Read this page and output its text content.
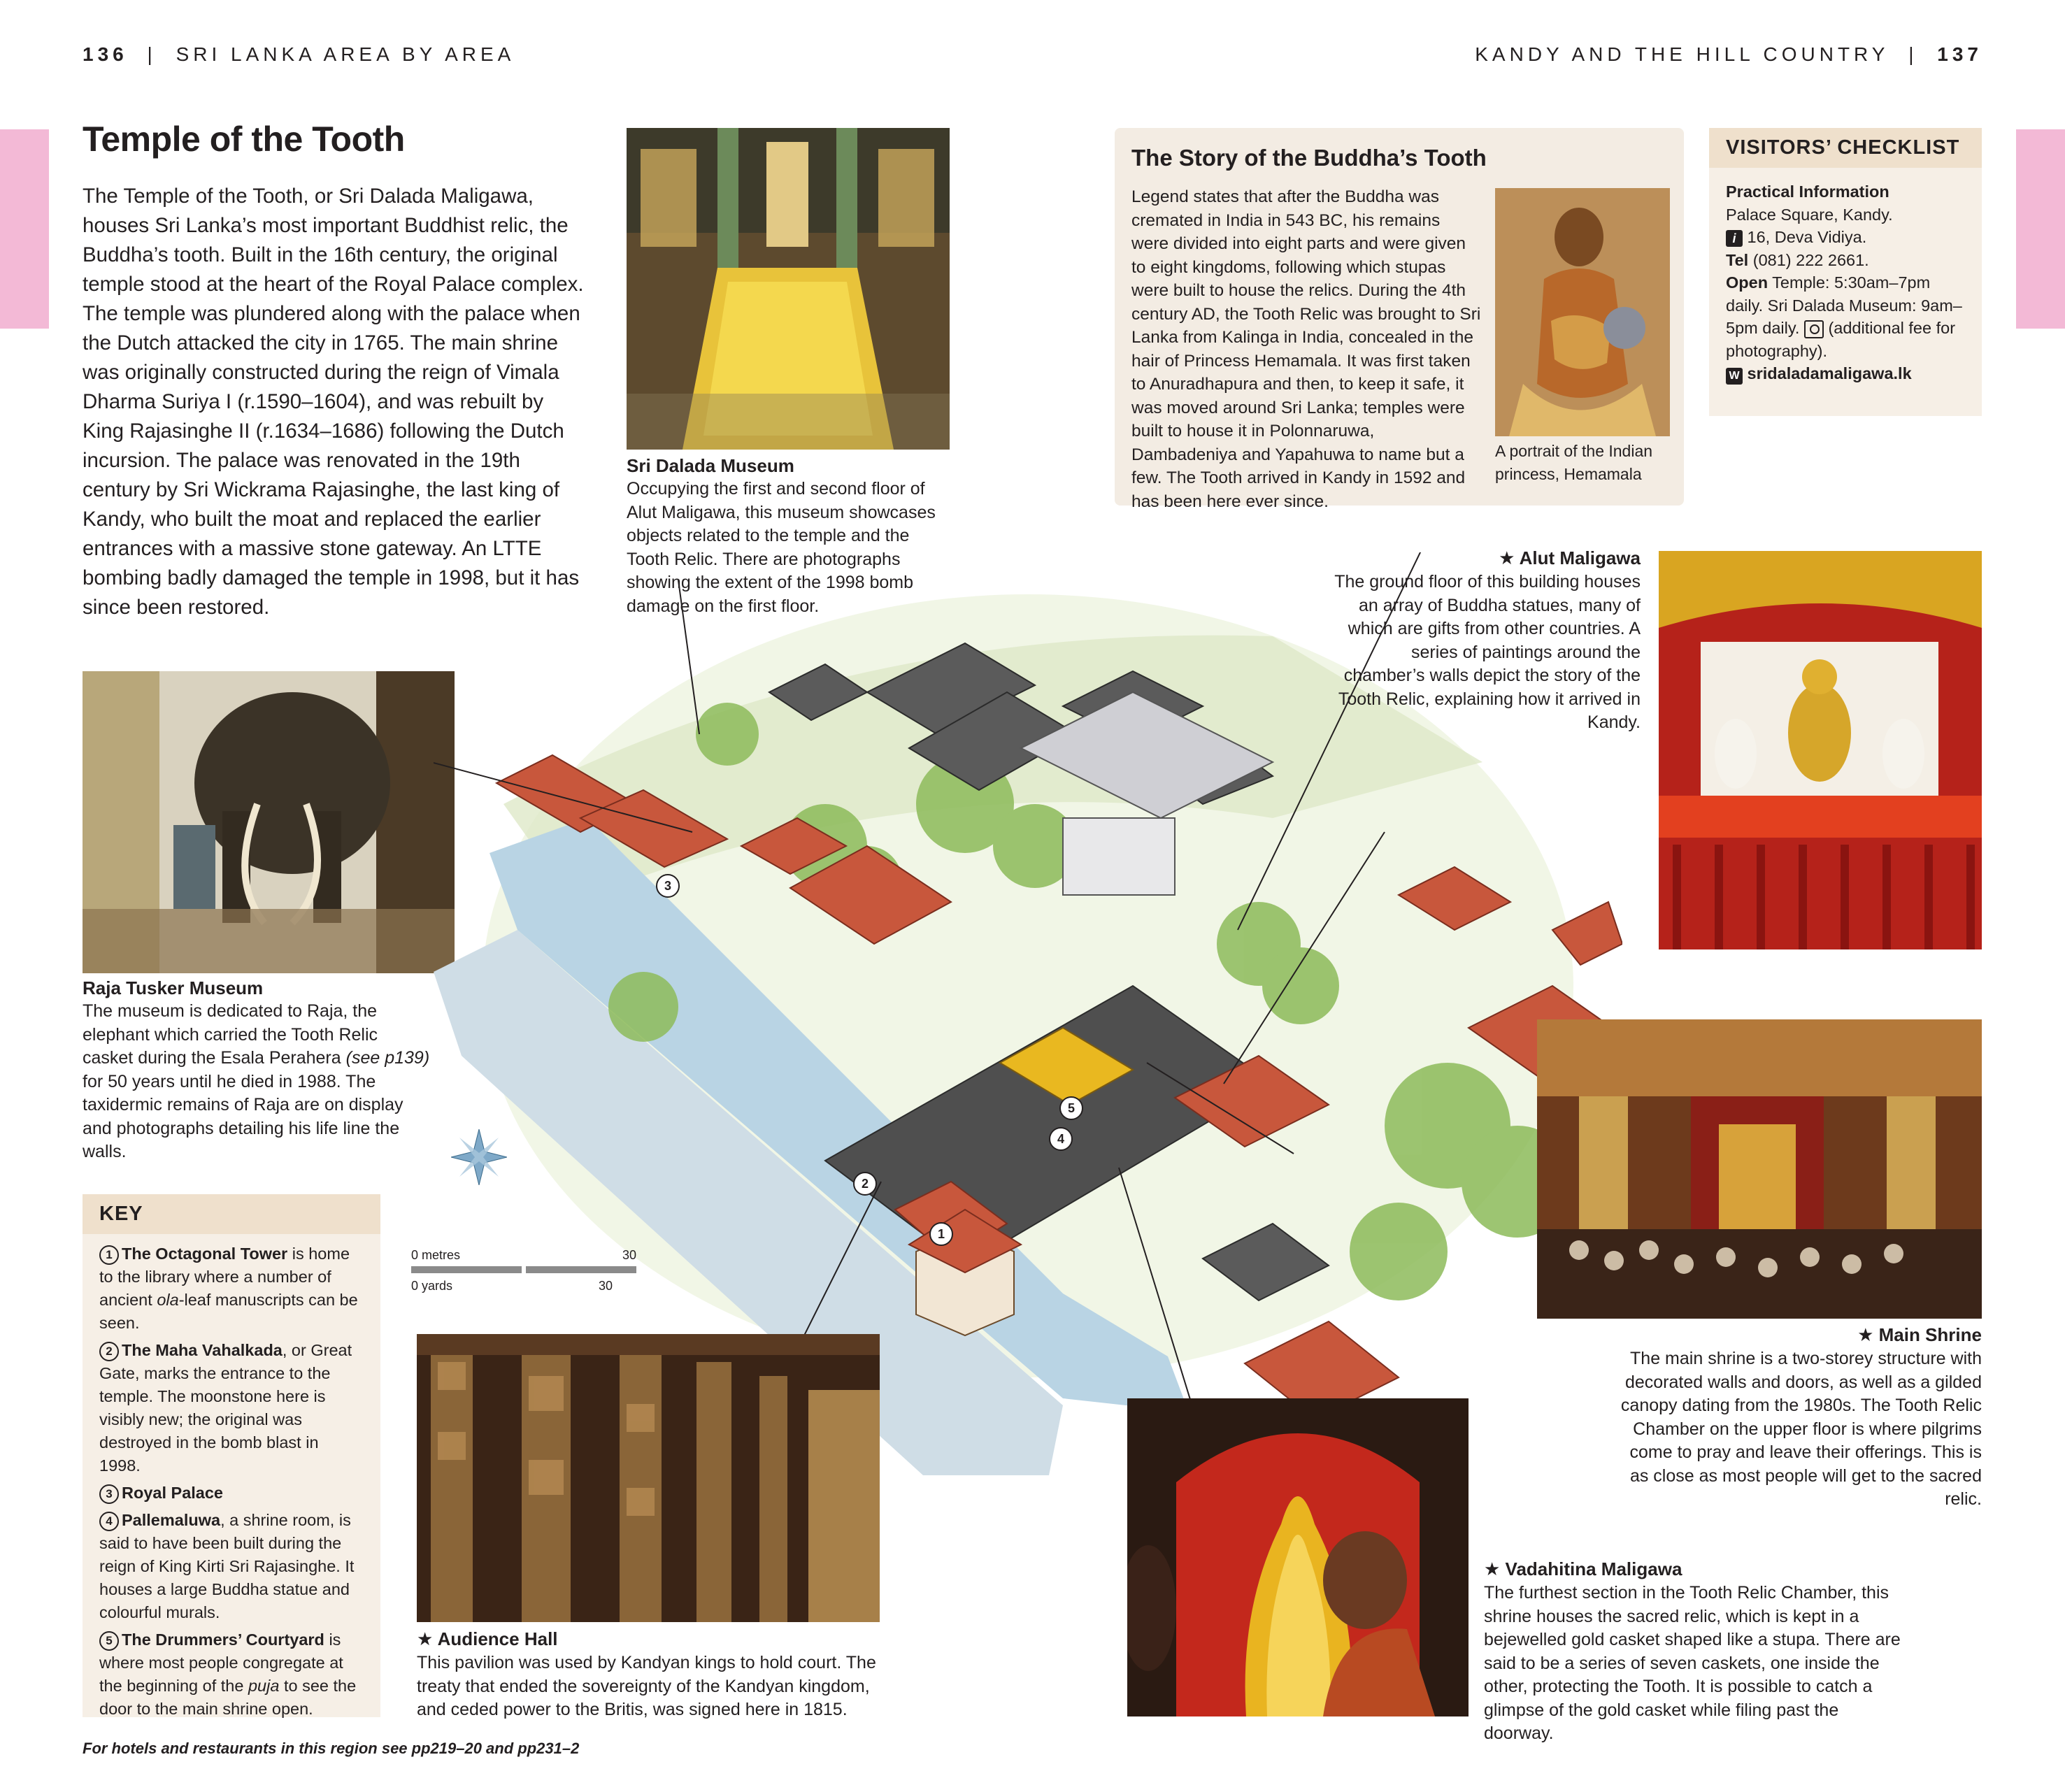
136 | SRI LANKA AREA BY AREA	KANDY AND THE HILL COUNTRY | 137
Temple of the Tooth
The Temple of the Tooth, or Sri Dalada Maligawa, houses Sri Lanka’s most important Buddhist relic, the Buddha’s tooth. Built in the 16th century, the original temple stood at the heart of the Royal Palace complex. The temple was plundered along with the palace when the Dutch attacked the city in 1765. The main shrine was originally constructed during the reign of Vimala Dharma Suriya I (r.1590–1604), and was rebuilt by King Rajasinghe II (r.1634–1686) following the Dutch incursion. The palace was renovated in the 19th century by Sri Wickrama Rajasinghe, the last king of Kandy, who built the moat and replaced the earlier entrances with a massive stone gateway. An LTTE bombing badly damaged the temple in 1998, but it has since been restored.
Sri Dalada Museum
Occupying the first and second floor of Alut Maligawa, this museum showcases objects related to the temple and the Tooth Relic. There are photographs showing the extent of the 1998 bomb damage on the first floor.
The Story of the Buddha’s Tooth
Legend states that after the Buddha was cremated in India in 543 BC, his remains were divided into eight parts and were given to eight kingdoms, following which stupas were built to house the relics. During the 4th century AD, the Tooth Relic was brought to Sri Lanka from Kalinga in India, concealed in the hair of Princess Hemamala. It was first taken to Anuradhapura and then, to keep it safe, it was moved around Sri Lanka; temples were built to house it in Polonnaruwa, Dambadeniya and Yapahuwa to name but a few. The Tooth arrived in Kandy in 1592 and has been here ever since.
A portrait of the Indian princess, Hemamala
VISITORS’ CHECKLIST
Practical Information
Palace Square, Kandy.
i 16, Deva Vidiya.
Tel (081) 222 2661.
Open Temple: 5:30am–7pm daily. Sri Dalada Museum: 9am–5pm daily. (additional fee for photography).
W sridaladamaligawa.lk
Raja Tusker Museum
The museum is dedicated to Raja, the elephant which carried the Tooth Relic casket during the Esala Perahera (see p139) for 50 years until he died in 1988. The taxidermic remains of Raja are on display and photographs detailing his life line the walls.
1
2
3
4
5
★ Alut Maligawa
The ground floor of this building houses an array of Buddha statues, many of which are gifts from other countries. A series of paintings around the chamber’s walls depict the story of the Tooth Relic, explaining how it arrived in Kandy.
★ Main Shrine
The main shrine is a two-storey structure with decorated walls and doors, as well as a gilded canopy dating from the 1980s. The Tooth Relic Chamber on the upper floor is where pilgrims come to pray and leave their offerings. This is as close as most people will get to the sacred relic.
KEY
1 The Octagonal Tower is home to the library where a number of ancient ola-leaf manuscripts can be seen.
2 The Maha Vahalkada, or Great Gate, marks the entrance to the temple. The moonstone here is visibly new; the original was destroyed in the bomb blast in 1998.
3 Royal Palace
4 Pallemaluwa, a shrine room, is said to have been built during the reign of King Kirti Sri Rajasinghe. It houses a large Buddha statue and colourful murals.
5 The Drummers’ Courtyard is where most people congregate at the beginning of the puja to see the door to the main shrine open.
0 metres	30
0 yards	30
★ Audience Hall
This pavilion was used by Kandyan kings to hold court. The treaty that ended the sovereignty of the Kandyan kingdom, and ceded power to the Britis, was signed here in 1815.
★ Vadahitina Maligawa
The furthest section in the Tooth Relic Chamber, this shrine houses the sacred relic, which is kept in a bejewelled gold casket shaped like a stupa. There are said to be a series of seven caskets, one inside the other, protecting the Tooth. It is possible to catch a glimpse of the gold casket while filing past the doorway.
For hotels and restaurants in this region see pp219–20 and pp231–2
